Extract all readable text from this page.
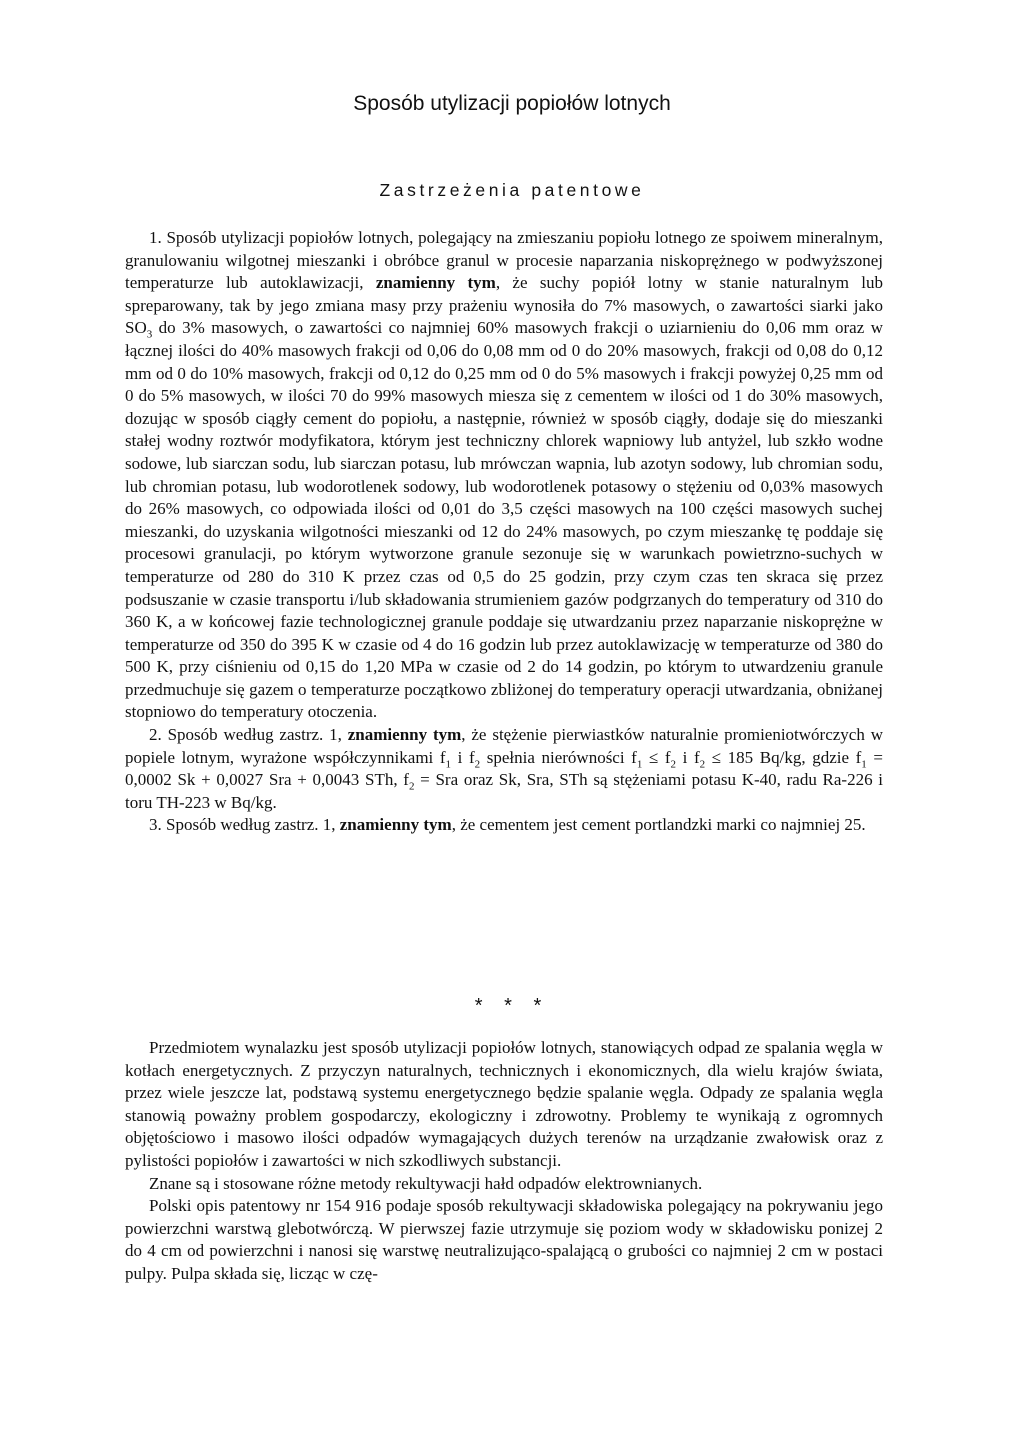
Sposób utylizacji popiołów lotnych
Zastrzeżenia patentowe

1. Sposób utylizacji popiołów lotnych, polegający na zmieszaniu popiołu lotnego ze spoiwem mineralnym, granulowaniu wilgotnej mieszanki i obróbce granul w procesie naparzania niskoprężnego w podwyższonej temperaturze lub autoklawizacji, znamienny tym, że suchy popiół lotny w stanie naturalnym lub spreparowany, tak by jego zmiana masy przy prażeniu wynosiła do 7% masowych, o zawartości siarki jako $SO_3$ do 3% masowych, o zawartości co najmniej 60% masowych frakcji o uziarnieniu do 0,06 mm oraz w łącznej ilości do 40% masowych frakcji od 0,06 do 0,08 mm od 0 do 20% masowych, frakcji od 0,08 do 0,12 mm od 0 do 10% masowych, frakcji od 0,12 do 0,25 mm od 0 do 5% masowych i frakcji powyżej 0,25 mm od 0 do 5% masowych, w ilości 70 do 99% masowych miesza się z cementem w ilości od 1 do 30% masowych, dozując w sposób ciągły cement do popiołu, a następnie, również w sposób ciągły, dodaje się do mieszanki stałej wodny roztwór modyfikatora, którym jest techniczny chlorek wapniowy lub antyżel, lub szkło wodne sodowe, lub siarczan sodu, lub siarczan potasu, lub mrówczan wapnia, lub azotyn sodowy, lub chromian sodu, lub chromian potasu, lub wodorotlenek sodowy, lub wodorotlenek potasowy o stężeniu od 0,03% masowych do 26% masowych, co odpowiada ilości od 0,01 do 3,5 części masowych na 100 części masowych suchej mieszanki, do uzyskania wilgotności mieszanki od 12 do 24% masowych, po czym mieszankę tę poddaje się procesowi granulacji, po którym wytworzone granule sezonuje się w warunkach powietrzno-suchych w temperaturze od 280 do 310 K przez czas od 0,5 do 25 godzin, przy czym czas ten skraca się przez podsuszanie w czasie transportu i/lub składowania strumieniem gazów podgrzanych do temperatury od 310 do 360 K, a w końcowej fazie technologicznej granule poddaje się utwardzaniu przez naparzanie niskoprężne w temperaturze od 350 do 395 K w czasie od 4 do 16 godzin lub przez autoklawizację w temperaturze od 380 do 500 K, przy ciśnieniu od 0,15 do 1,20 MPa w czasie od 2 do 14 godzin, po którym to utwardzeniu granule przedmuchuje się gazem o temperaturze początkowo zbliżonej do temperatury operacji utwardzania, obniżanej stopniowo do temperatury otoczenia.

2. Sposób według zastrz. 1, znamienny tym, że stężenie pierwiastków naturalnie promieniotwórczych w popiele lotnym, wyrażone współczynnikami $f_1$ i $f_2$ spełnia nierówności $f_1 \le f_2$ i $f_2 \le 185$ Bq/kg, gdzie $f_1 = 0,0002$ Sk + 0,0027 Sra + 0,0043 STh, $f_2$ = Sra oraz Sk, Sra, STh są stężeniami potasu K-40, radu Ra-226 i toru TH-223 w Bq/kg.

3. Sposób według zastrz. 1, znamienny tym, że cementem jest cement portlandzki marki co najmniej 25.

* * *

Przedmiotem wynalazku jest sposób utylizacji popiołów lotnych, stanowiących odpad ze spalania węgla w kotłach energetycznych. Z przyczyn naturalnych, technicznych i ekonomicznych, dla wielu krajów świata, przez wiele jeszcze lat, podstawą systemu energetycznego będzie spalanie węgla. Odpady ze spalania węgla stanowią poważny problem gospodarczy, ekologiczny i zdrowotny. Problemy te wynikają z ogromnych objętościowo i masowo ilości odpadów wymagających dużych terenów na urządzanie zwałowisk oraz z pylistości popiołów i zawartości w nich szkodliwych substancji.

Znane są i stosowane różne metody rekultywacji hałd odpadów elektrownianych.

Polski opis patentowy nr 154 916 podaje sposób rekultywacji składowiska polegający na pokrywaniu jego powierzchni warstwą glebotwórczą. W pierwszej fazie utrzymuje się poziom wody w składowisku ponizej 2 do 4 cm od powierzchni i nanosi się warstwę neutralizująco-spalającą o grubości co najmniej 2 cm w postaci pulpy. Pulpa składa się, licząc w czę-
